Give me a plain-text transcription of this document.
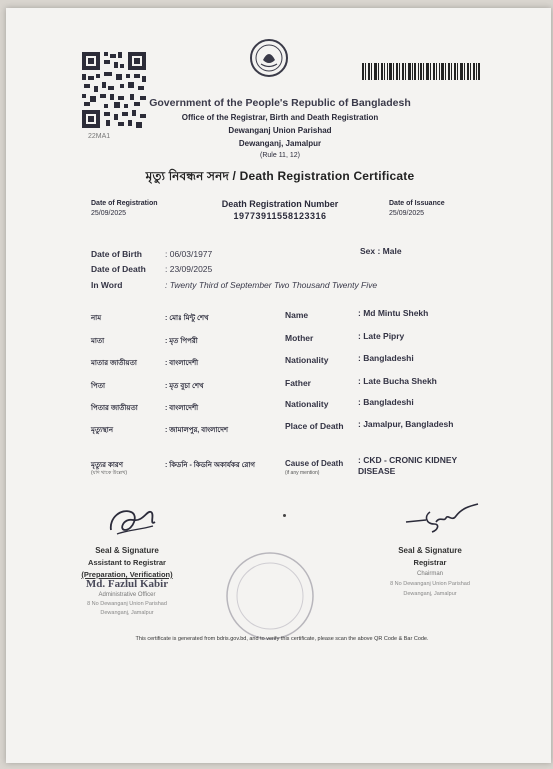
22MA1
Government of the People's Republic of Bangladesh
Office of the Registrar, Birth and Death Registration
Dewanganj Union Parishad
Dewanganj, Jamalpur
(Rule 11, 12)
মৃত্যু নিবন্ধন সনদ / Death Registration Certificate
Date of Registration
25/09/2025
Death Registration Number
19773911558123316
Date of Issuance
25/09/2025
Date of Birth	: 06/03/1977
Date of Death : 23/09/2025
In Word	: Twenty Third of September Two Thousand Twenty Five
Sex : Male
নাম	: মোঃ মিন্টু শেখ	Name	: Md Mintu Shekh
মাতা	: মৃত পিপরী	Mother	: Late Pipry
মাতার জাতীয়তা	: বাংলাদেশী	Nationality	: Bangladeshi
পিতা	: মৃত বুচা শেখ	Father	: Late Bucha Shekh
পিতার জাতীয়তা	: বাংলাদেশী	Nationality	: Bangladeshi
মৃত্যুস্থান	: জামালপুর, বাংলাদেশ	Place of Death : Jamalpur, Bangladesh
মৃত্যুর কারণ
(যদি থাকে উল্লেখ)
: কিডনি - কিডনি অকার্যকর রোগ	Cause of Death
(if any mention)
: CKD - CRONIC KIDNEY DISEASE
Seal & Signature
Assistant to Registrar
(Preparation, Verification)
Md. Fazlul Kabir
Administrative Officer
8 No Dewanganj Union Parishad
Dewanganj, Jamalpur
Seal & Signature
Registrar
Chairman
8 No Dewanganj Union Parishad
Dewanganj, Jamalpur
This certificate is generated from bdris.gov.bd, and to verify this certificate, please scan the above QR Code & Bar Code.
